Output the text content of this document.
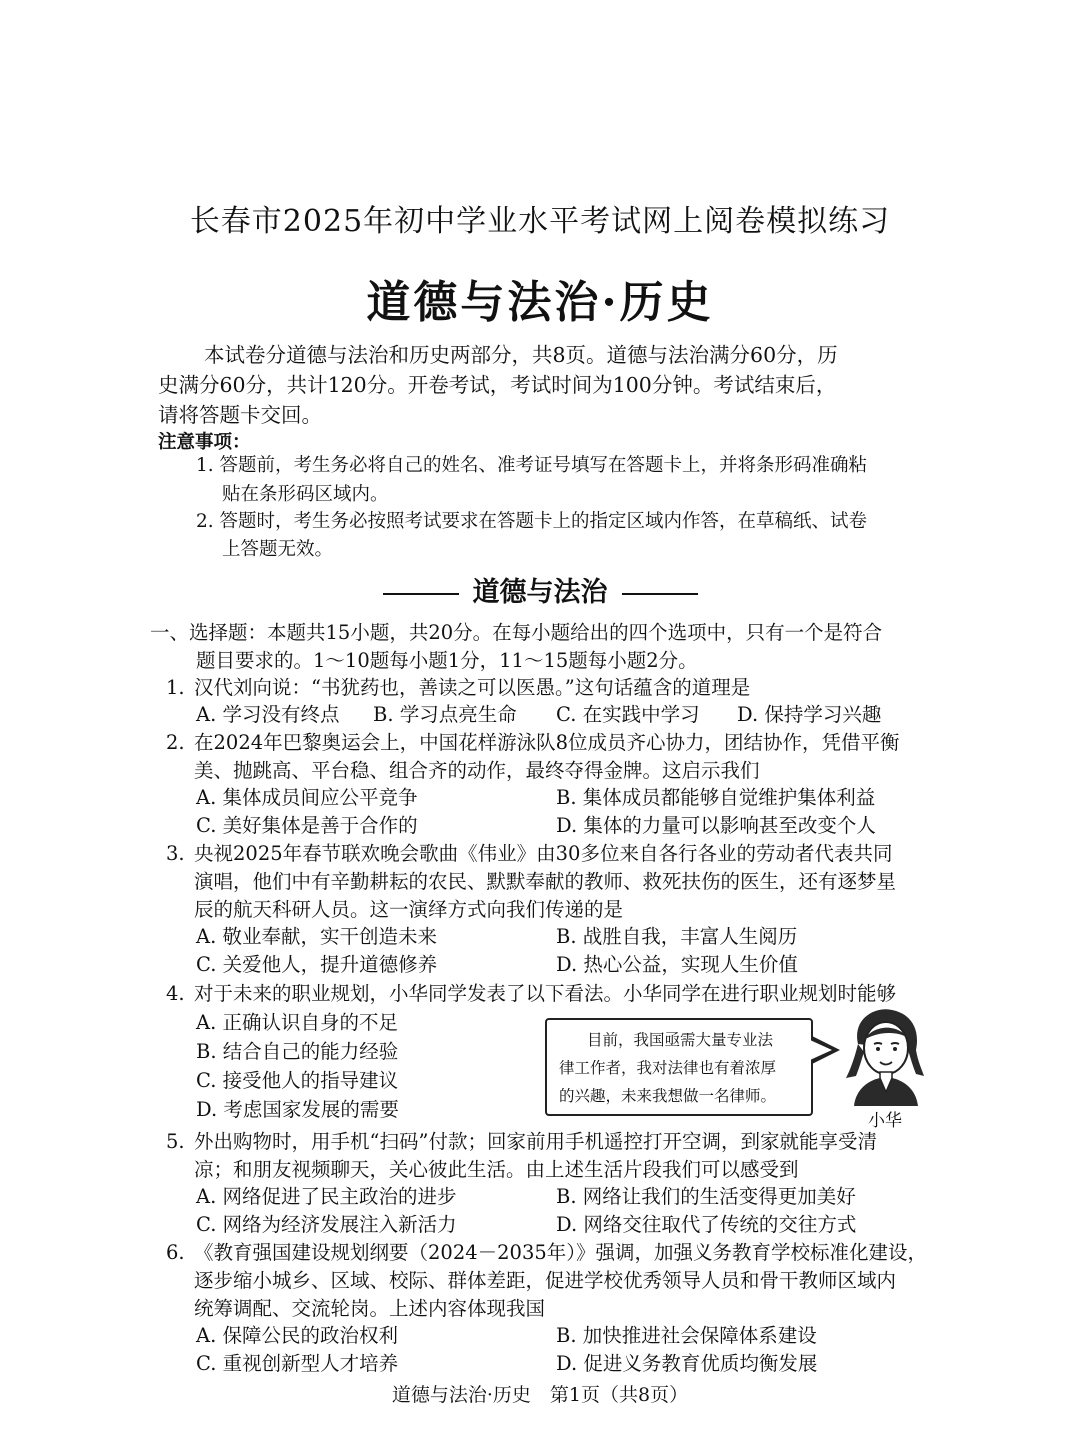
长春市2025年初中学业水平考试网上阅卷模拟练习
道德与法治·历史
本试卷分道德与法治和历史两部分，共8页。道德与法治满分60分，历
史满分60分，共计120分。开卷考试，考试时间为100分钟。考试结束后，
请将答题卡交回。
注意事项：
1. 答题前，考生务必将自己的姓名、准考证号填写在答题卡上，并将条形码准确粘
贴在条形码区域内。
2. 答题时，考生务必按照考试要求在答题卡上的指定区域内作答，在草稿纸、试卷
上答题无效。
道德与法治
一、选择题：本题共15小题，共20分。在每小题给出的四个选项中，只有一个是符合
题目要求的。1～10题每小题1分，11～15题每小题2分。
1. 汉代刘向说：“书犹药也，善读之可以医愚。”这句话蕴含的道理是
A. 学习没有终点 B. 学习点亮生命 C. 在实践中学习 D. 保持学习兴趣
2. 在2024年巴黎奥运会上，中国花样游泳队8位成员齐心协力，团结协作，凭借平衡
美、抛跳高、平台稳、组合齐的动作，最终夺得金牌。这启示我们
A. 集体成员间应公平竞争	B. 集体成员都能够自觉维护集体利益
C. 美好集体是善于合作的	D. 集体的力量可以影响甚至改变个人
3. 央视2025年春节联欢晚会歌曲《伟业》由30多位来自各行各业的劳动者代表共同
演唱，他们中有辛勤耕耘的农民、默默奉献的教师、救死扶伤的医生，还有逐梦星
辰的航天科研人员。这一演绎方式向我们传递的是
A. 敬业奉献，实干创造未来	B. 战胜自我，丰富人生阅历
C. 关爱他人，提升道德修养	D. 热心公益，实现人生价值
4. 对于未来的职业规划，小华同学发表了以下看法。小华同学在进行职业规划时能够
A. 正确认识自身的不足
B. 结合自己的能力经验
C. 接受他人的指导建议
D. 考虑国家发展的需要
目前，我国亟需大量专业法
律工作者，我对法律也有着浓厚
的兴趣，未来我想做一名律师。
小华
5. 外出购物时，用手机“扫码”付款；回家前用手机遥控打开空调，到家就能享受清
凉；和朋友视频聊天，关心彼此生活。由上述生活片段我们可以感受到
A. 网络促进了民主政治的进步	B. 网络让我们的生活变得更加美好
C. 网络为经济发展注入新活力	D. 网络交往取代了传统的交往方式
6. 《教育强国建设规划纲要（2024－2035年）》强调，加强义务教育学校标准化建设，
逐步缩小城乡、区域、校际、群体差距，促进学校优秀领导人员和骨干教师区域内
统筹调配、交流轮岗。上述内容体现我国
A. 保障公民的政治权利	B. 加快推进社会保障体系建设
C. 重视创新型人才培养	D. 促进义务教育优质均衡发展
道德与法治·历史　第1页（共8页）
